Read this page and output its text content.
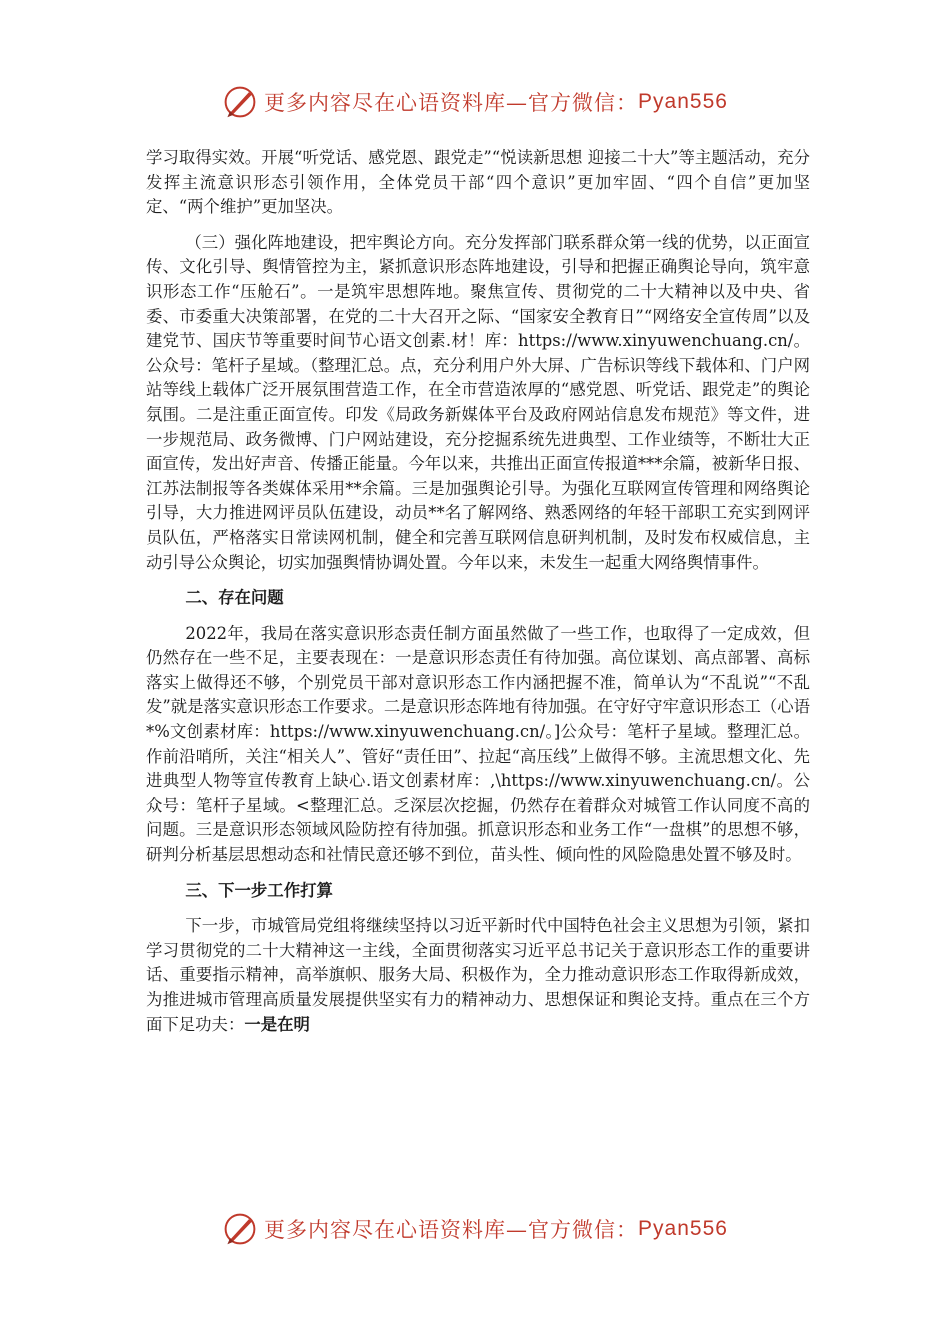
更多内容尽在心语资料库—官方微信： Pyan556

学习取得实效。开展“听党话、感党恩、跟党走”“悦读新思想 迎接二十大”等主题活动，充分发挥主流意识形态引领作用，全体党员干部“四个意识”更加牢固、“四个自信”更加坚定、“两个维护”更加坚决。

（三）强化阵地建设，把牢舆论方向。充分发挥部门联系群众第一线的优势，以正面宣传、文化引导、舆情管控为主，紧抓意识形态阵地建设，引导和把握正确舆论导向，筑牢意识形态工作“压舱石”。一是筑牢思想阵地。聚焦宣传、贯彻党的二十大精神以及中央、省委、市委重大决策部署，在党的二十大召开之际、“国家安全教育日”“网络安全宣传周”以及建党节、国庆节等重要时间节心语文创素.材！库：https://www.xinyuwenchuang.cn/。公众号：笔杆子星域。（整理汇总。点，充分利用户外大屏、广告标识等线下载体和、门户网站等线上载体广泛开展氛围营造工作，在全市营造浓厚的“感党恩、听党话、跟党走”的舆论氛围。二是注重正面宣传。印发《局政务新媒体平台及政府网站信息发布规范》等文件，进一步规范局、政务微博、门户网站建设，充分挖掘系统先进典型、工作业绩等，不断壮大正面宣传，发出好声音、传播正能量。今年以来，共推出正面宣传报道***余篇，被新华日报、江苏法制报等各类媒体采用**余篇。三是加强舆论引导。为强化互联网宣传管理和网络舆论引导，大力推进网评员队伍建设，动员**名了解网络、熟悉网络的年轻干部职工充实到网评员队伍，严格落实日常读网机制，健全和完善互联网信息研判机制，及时发布权威信息，主动引导公众舆论，切实加强舆情协调处置。今年以来，未发生一起重大网络舆情事件。

二、存在问题

2022年，我局在落实意识形态责任制方面虽然做了一些工作，也取得了一定成效，但仍然存在一些不足，主要表现在：一是意识形态责任有待加强。高位谋划、高点部署、高标落实上做得还不够，个别党员干部对意识形态工作内涵把握不准，简单认为“不乱说”“不乱发”就是落实意识形态工作要求。二是意识形态阵地有待加强。在守好守牢意识形态工（心语*%文创素材库：https://www.xinyuwenchuang.cn/。]公众号：笔杆子星域。整理汇总。作前沿哨所，关注“相关人”、管好“责任田”、拉起“高压线”上做得不够。主流思想文化、先进典型人物等宣传教育上缺心.语文创素材库：,\https://www.xinyuwenchuang.cn/。公众号：笔杆子星域。<整理汇总。乏深层次挖掘，仍然存在着群众对城管工作认同度不高的问题。三是意识形态领域风险防控有待加强。抓意识形态和业务工作“一盘棋”的思想不够，研判分析基层思想动态和社情民意还够不到位，苗头性、倾向性的风险隐患处置不够及时。

三、下一步工作打算

下一步，市城管局党组将继续坚持以习近平新时代中国特色社会主义思想为引领，紧扣学习贯彻党的二十大精神这一主线，全面贯彻落实习近平总书记关于意识形态工作的重要讲话、重要指示精神，高举旗帜、服务大局、积极作为，全力推动意识形态工作取得新成效，为推进城市管理高质量发展提供坚实有力的精神动力、思想保证和舆论支持。重点在三个方面下足功夫：一是在明

更多内容尽在心语资料库—官方微信： Pyan556
